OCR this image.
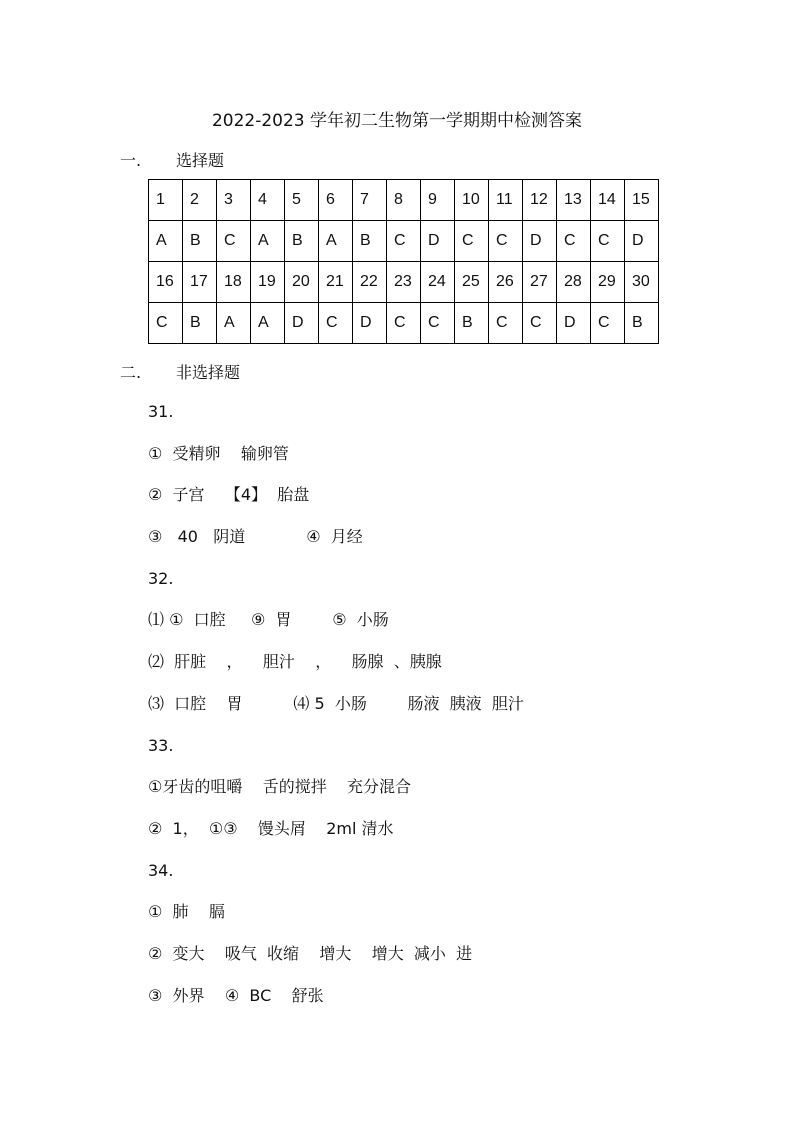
2022-2023 学年初二生物第一学期期中检测答案
一. 选择题
1	2	3	4	5	6	7	8	9	10	11	12	13	14	15
A	B	C	A	B	A	B	C	D	C	C	D	C	C	D
16	17	18	19	20	21	22	23	24	25	26	27	28	29	30
C	B	A	A	D	C	D	C	C	B	C	C	D	C	B
二. 非选择题
31.
①  受精卵    输卵管
②  子宫    【4】  胎盘
③   40   阴道            ④  月经
32.
⑴ ①  口腔     ⑨  胃        ⑤  小肠
⑵  肝脏    ，    胆汁    ，    肠腺  、胰腺
⑶  口腔    胃          ⑷ 5  小肠        肠液  胰液  胆汁
33.
①牙齿的咀嚼    舌的搅拌    充分混合
②  1，  ①③    馒头屑    2ml 清水
34.
①  肺    膈
②  变大    吸气  收缩    增大    增大  减小  进
③  外界    ④  BC    舒张
